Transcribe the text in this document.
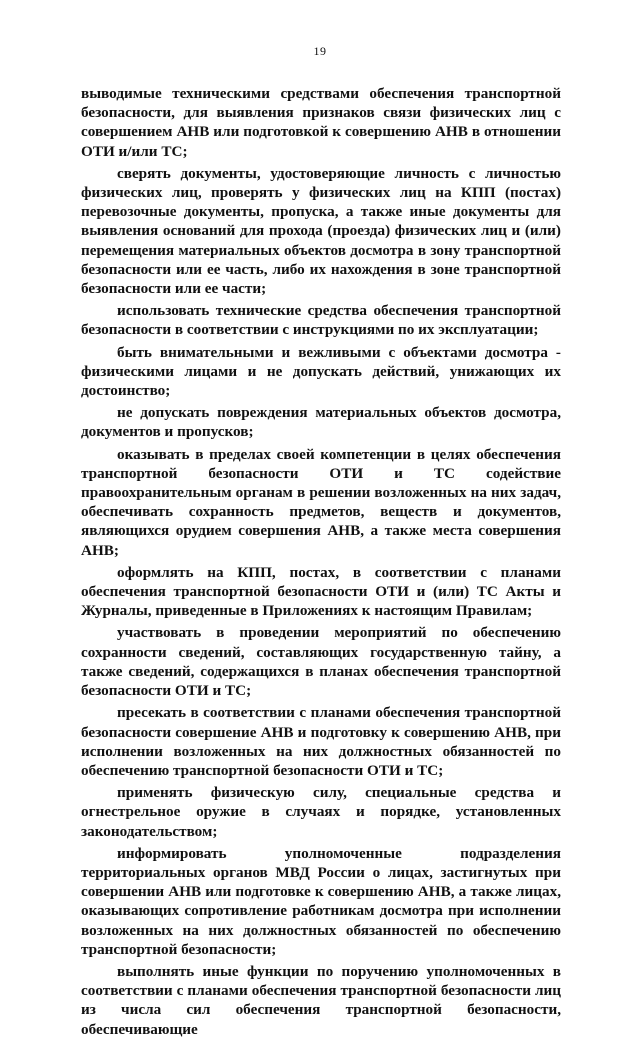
19

выводимые техническими средствами обеспечения транспортной безопасности, для выявления признаков связи физических лиц с совершением АНВ или подготовкой к совершению АНВ в отношении ОТИ и/или ТС;

сверять документы, удостоверяющие личность с личностью физических лиц, проверять у физических лиц на КПП (постах) перевозочные документы, пропуска, а также иные документы для выявления оснований для прохода (проезда) физических лиц и (или) перемещения материальных объектов досмотра в зону транспортной безопасности или ее часть, либо их нахождения в зоне транспортной безопасности или ее части;

использовать технические средства обеспечения транспортной безопасности в соответствии с инструкциями по их эксплуатации;

быть внимательными и вежливыми с объектами досмотра - физическими лицами и не допускать действий, унижающих их достоинство;

не допускать повреждения материальных объектов досмотра, документов и пропусков;

оказывать в пределах своей компетенции в целях обеспечения транспортной безопасности ОТИ и ТС содействие правоохранительным органам в решении возложенных на них задач, обеспечивать сохранность предметов, веществ и документов, являющихся орудием совершения АНВ, а также места совершения АНВ;

оформлять на КПП, постах, в соответствии с планами обеспечения транспортной безопасности ОТИ и (или) ТС Акты и Журналы, приведенные в Приложениях к настоящим Правилам;

участвовать в проведении мероприятий по обеспечению сохранности сведений, составляющих государственную тайну, а также сведений, содержащихся в планах обеспечения транспортной безопасности ОТИ и ТС;

пресекать в соответствии с планами обеспечения транспортной безопасности совершение АНВ и подготовку к совершению АНВ, при исполнении возложенных на них должностных обязанностей по обеспечению транспортной безопасности ОТИ и ТС;

применять физическую силу, специальные средства и огнестрельное оружие в случаях и порядке, установленных законодательством;

информировать уполномоченные подразделения территориальных органов МВД России о лицах, застигнутых при совершении АНВ или подготовке к совершению АНВ, а также лицах, оказывающих сопротивление работникам досмотра при исполнении возложенных на них должностных обязанностей по обеспечению транспортной безопасности;

выполнять иные функции по поручению уполномоченных в соответствии с планами обеспечения транспортной безопасности лиц из числа сил обеспечения транспортной безопасности, обеспечивающие
